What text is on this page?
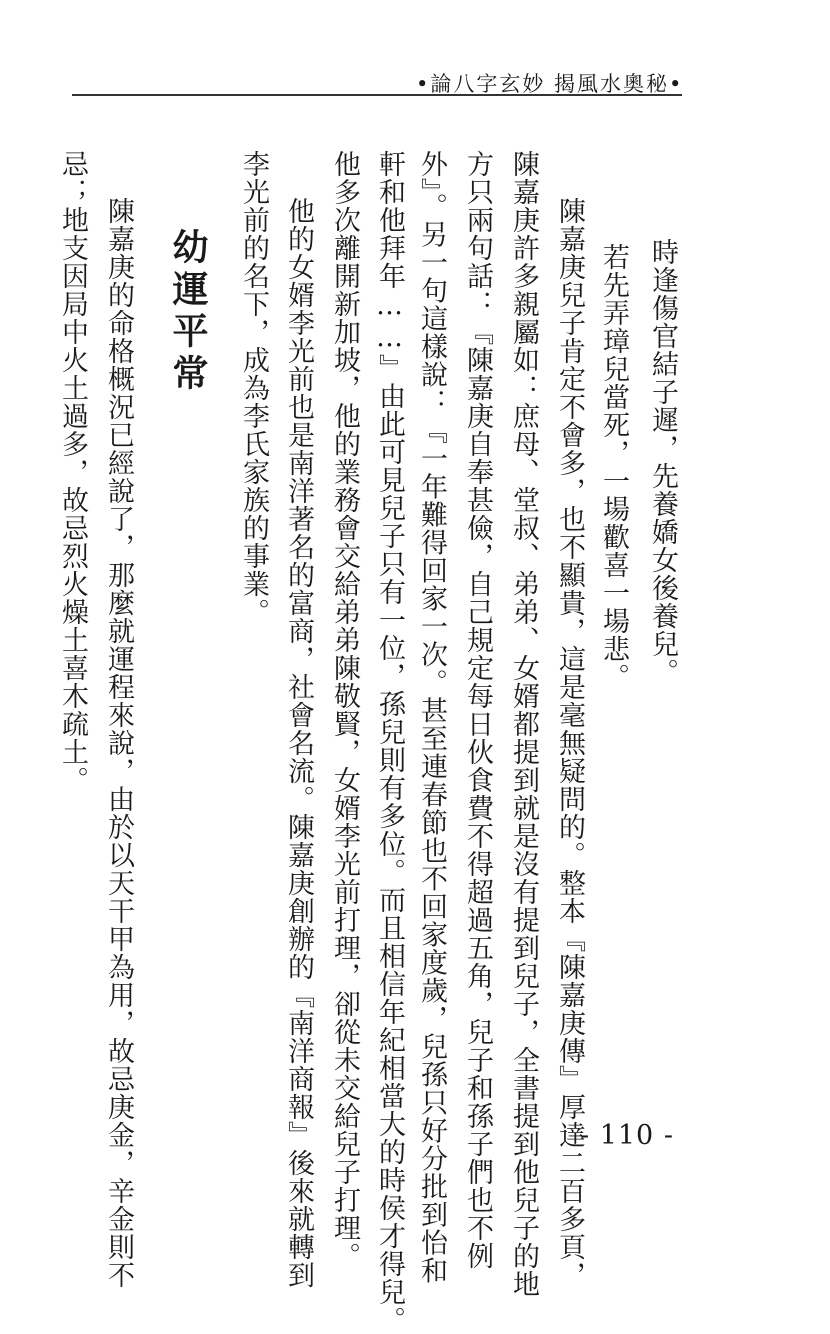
•論八字玄妙 揭風水奧秘•
時逢傷官結子遲，先養嬌女後養兒。
若先弄璋兒當死，一場歡喜一場悲。
陳嘉庚兒子肯定不會多，也不顯貴，這是毫無疑問的。整本『陳嘉庚傳』厚達二百多頁，
陳嘉庚許多親屬如：庶母、堂叔、弟弟、女婿都提到就是沒有提到兒子，全書提到他兒子的地
方只兩句話：『陳嘉庚自奉甚儉，自己規定每日伙食費不得超過五角，兒子和孫子們也不例
外』。另一句這樣說：『一年難得回家一次。甚至連春節也不回家度歲，兒孫只好分批到怡和
軒和他拜年……』由此可見兒子只有一位，孫兒則有多位。而且相信年紀相當大的時侯才得兒。
他多次離開新加坡，他的業務會交給弟弟陳敬賢，女婿李光前打理，卻從未交給兒子打理。
他的女婿李光前也是南洋著名的富商，社會名流。陳嘉庚創辦的『南洋商報』後來就轉到
李光前的名下，成為李氏家族的事業。
幼運平常
陳嘉庚的命格概況已經說了，那麼就運程來說，由於以天干甲為用，故忌庚金，辛金則不
忌；地支因局中火土過多，故忌烈火燥土喜木疏土。
- 110 -
